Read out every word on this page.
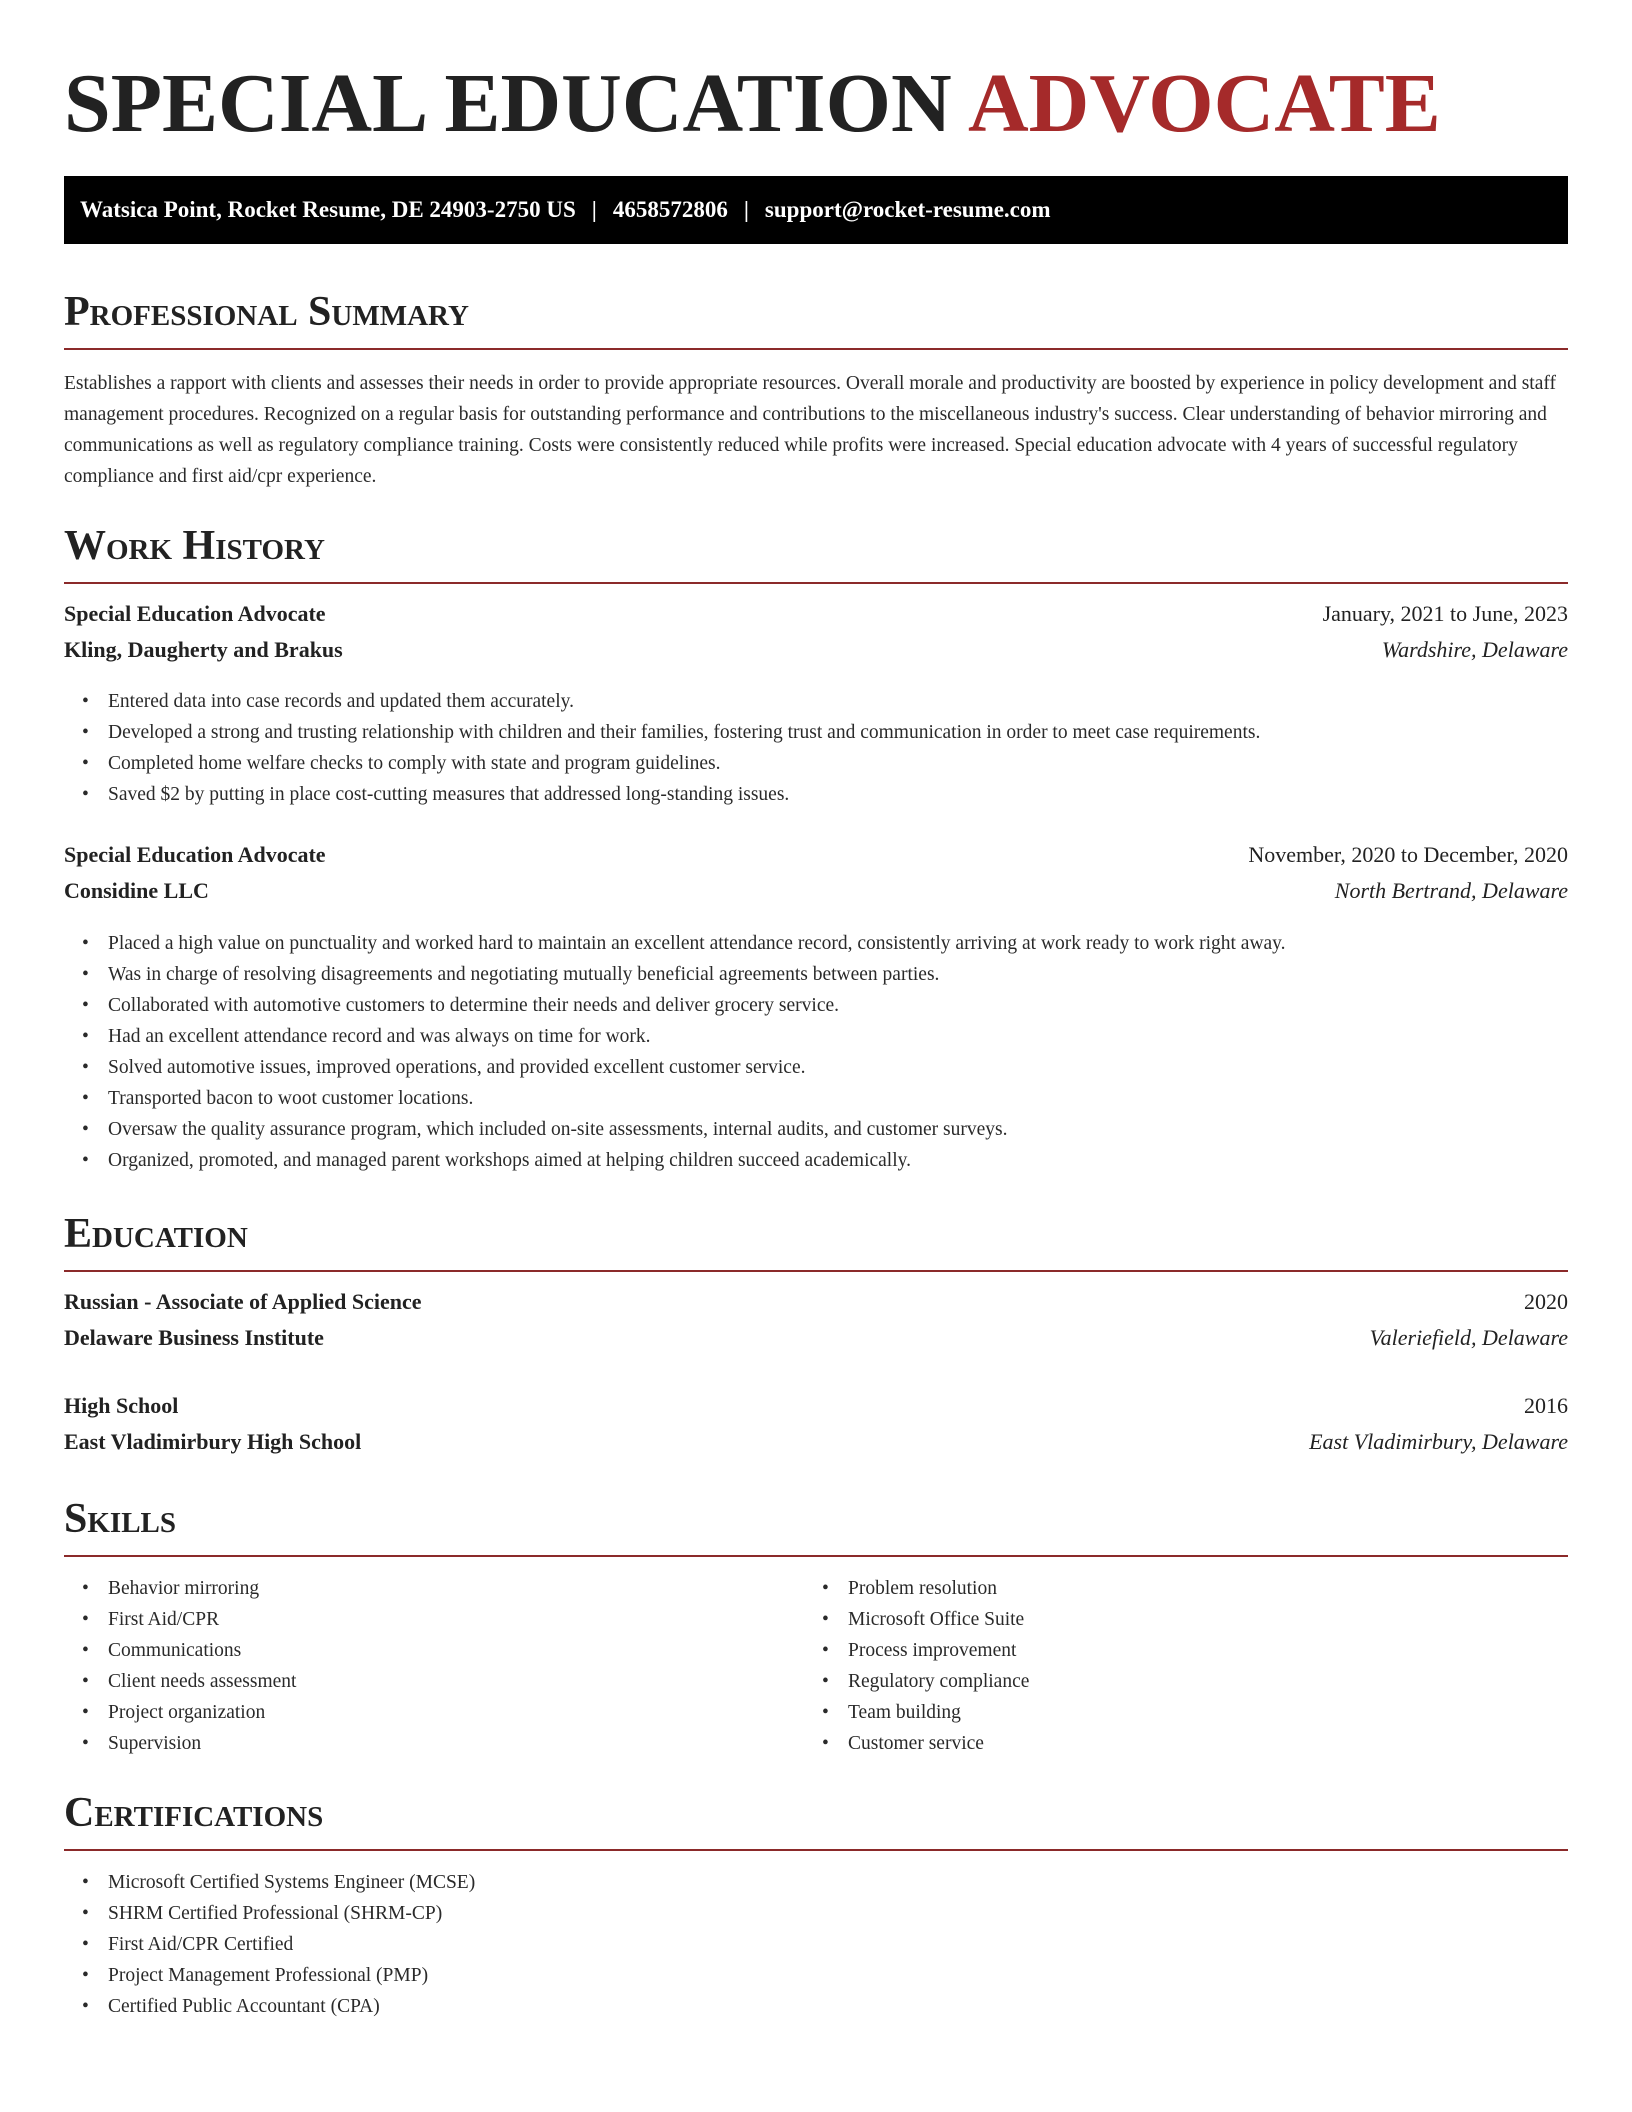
SPECIAL EDUCATION ADVOCATE
Watsica Point, Rocket Resume, DE 24903-2750 US | 4658572806 | support@rocket-resume.com
Professional Summary

Establishes a rapport with clients and assesses their needs in order to provide appropriate resources. Overall morale and productivity are boosted by experience in policy development and staff management procedures. Recognized on a regular basis for outstanding performance and contributions to the miscellaneous industry's success. Clear understanding of behavior mirroring and communications as well as regulatory compliance training. Costs were consistently reduced while profits were increased. Special education advocate with 4 years of successful regulatory compliance and first aid/cpr experience.

Work History
Special Education Advocate	January, 2021 to June, 2023
Kling, Daugherty and Brakus	Wardshire, Delaware
• Entered data into case records and updated them accurately.
• Developed a strong and trusting relationship with children and their families, fostering trust and communication in order to meet case requirements.
• Completed home welfare checks to comply with state and program guidelines.
• Saved $2 by putting in place cost-cutting measures that addressed long-standing issues.
Special Education Advocate	November, 2020 to December, 2020
Considine LLC	North Bertrand, Delaware
• Placed a high value on punctuality and worked hard to maintain an excellent attendance record, consistently arriving at work ready to work right away.
• Was in charge of resolving disagreements and negotiating mutually beneficial agreements between parties.
• Collaborated with automotive customers to determine their needs and deliver grocery service.
• Had an excellent attendance record and was always on time for work.
• Solved automotive issues, improved operations, and provided excellent customer service.
• Transported bacon to woot customer locations.
• Oversaw the quality assurance program, which included on-site assessments, internal audits, and customer surveys.
• Organized, promoted, and managed parent workshops aimed at helping children succeed academically.
Education
Russian - Associate of Applied Science	2020
Delaware Business Institute	Valeriefield, Delaware
High School	2016
East Vladimirbury High School	East Vladimirbury, Delaware
Skills
• Behavior mirroring
• First Aid/CPR
• Communications
• Client needs assessment
• Project organization
• Supervision
• Problem resolution
• Microsoft Office Suite
• Process improvement
• Regulatory compliance
• Team building
• Customer service
Certifications
• Microsoft Certified Systems Engineer (MCSE)
• SHRM Certified Professional (SHRM-CP)
• First Aid/CPR Certified
• Project Management Professional (PMP)
• Certified Public Accountant (CPA)
